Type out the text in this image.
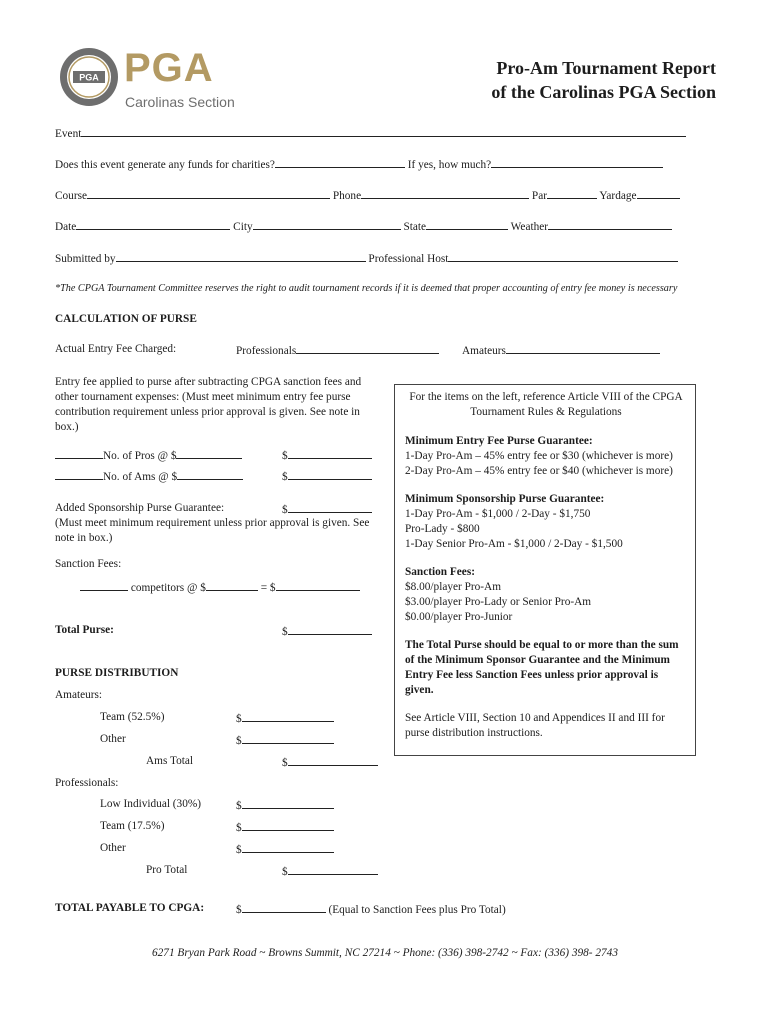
PGA PGA
Carolinas Section
Pro-Am Tournament Report
of the Carolinas PGA Section
Event
Does this event generate any funds for charities?	If yes, how much?
Course	Phone	Par	Yardage
Date	City	State	Weather
Submitted by	Professional Host
*The CPGA Tournament Committee reserves the right to audit tournament records if it is deemed that proper accounting of entry fee money is necessary
CALCULATION OF PURSE
Actual Entry Fee Charged:	Professionals	Amateurs
Entry fee applied to purse after subtracting CPGA sanction fees and other tournament expenses: (Must meet minimum entry fee purse contribution requirement unless prior approval is given. See note in box.)
No. of Pros @ $	$
No. of Ams @ $	$
Added Sponsorship Purse Guarantee:	$
(Must meet minimum requirement unless prior approval is given. See note in box.)
Sanction Fees:
competitors @ $	= $
Total Purse:	$
PURSE DISTRIBUTION
Amateurs:
Team (52.5%)	$
Other	$
Ams Total	$
Professionals:
Low Individual (30%)	$
Team (17.5%)	$
Other	$
Pro Total	$
TOTAL PAYABLE TO CPGA:	$	(Equal to Sanction Fees plus Pro Total)
For the items on the left, reference Article VIII of the CPGA Tournament Rules & Regulations
Minimum Entry Fee Purse Guarantee:
1-Day Pro-Am – 45% entry fee or $30 (whichever is more)
2-Day Pro-Am – 45% entry fee or $40 (whichever is more)
Minimum Sponsorship Purse Guarantee:
1-Day Pro-Am - $1,000 / 2-Day - $1,750
Pro-Lady - $800
1-Day Senior Pro-Am - $1,000 / 2-Day - $1,500
Sanction Fees:
$8.00/player Pro-Am
$3.00/player Pro-Lady or Senior Pro-Am
$0.00/player Pro-Junior
The Total Purse should be equal to or more than the sum of the Minimum Sponsor Guarantee and the Minimum Entry Fee less Sanction Fees unless prior approval is given.
See Article VIII, Section 10 and Appendices II and III for purse distribution instructions.
6271 Bryan Park Road ~ Browns Summit, NC 27214 ~ Phone: (336) 398-2742 ~ Fax: (336) 398- 2743
